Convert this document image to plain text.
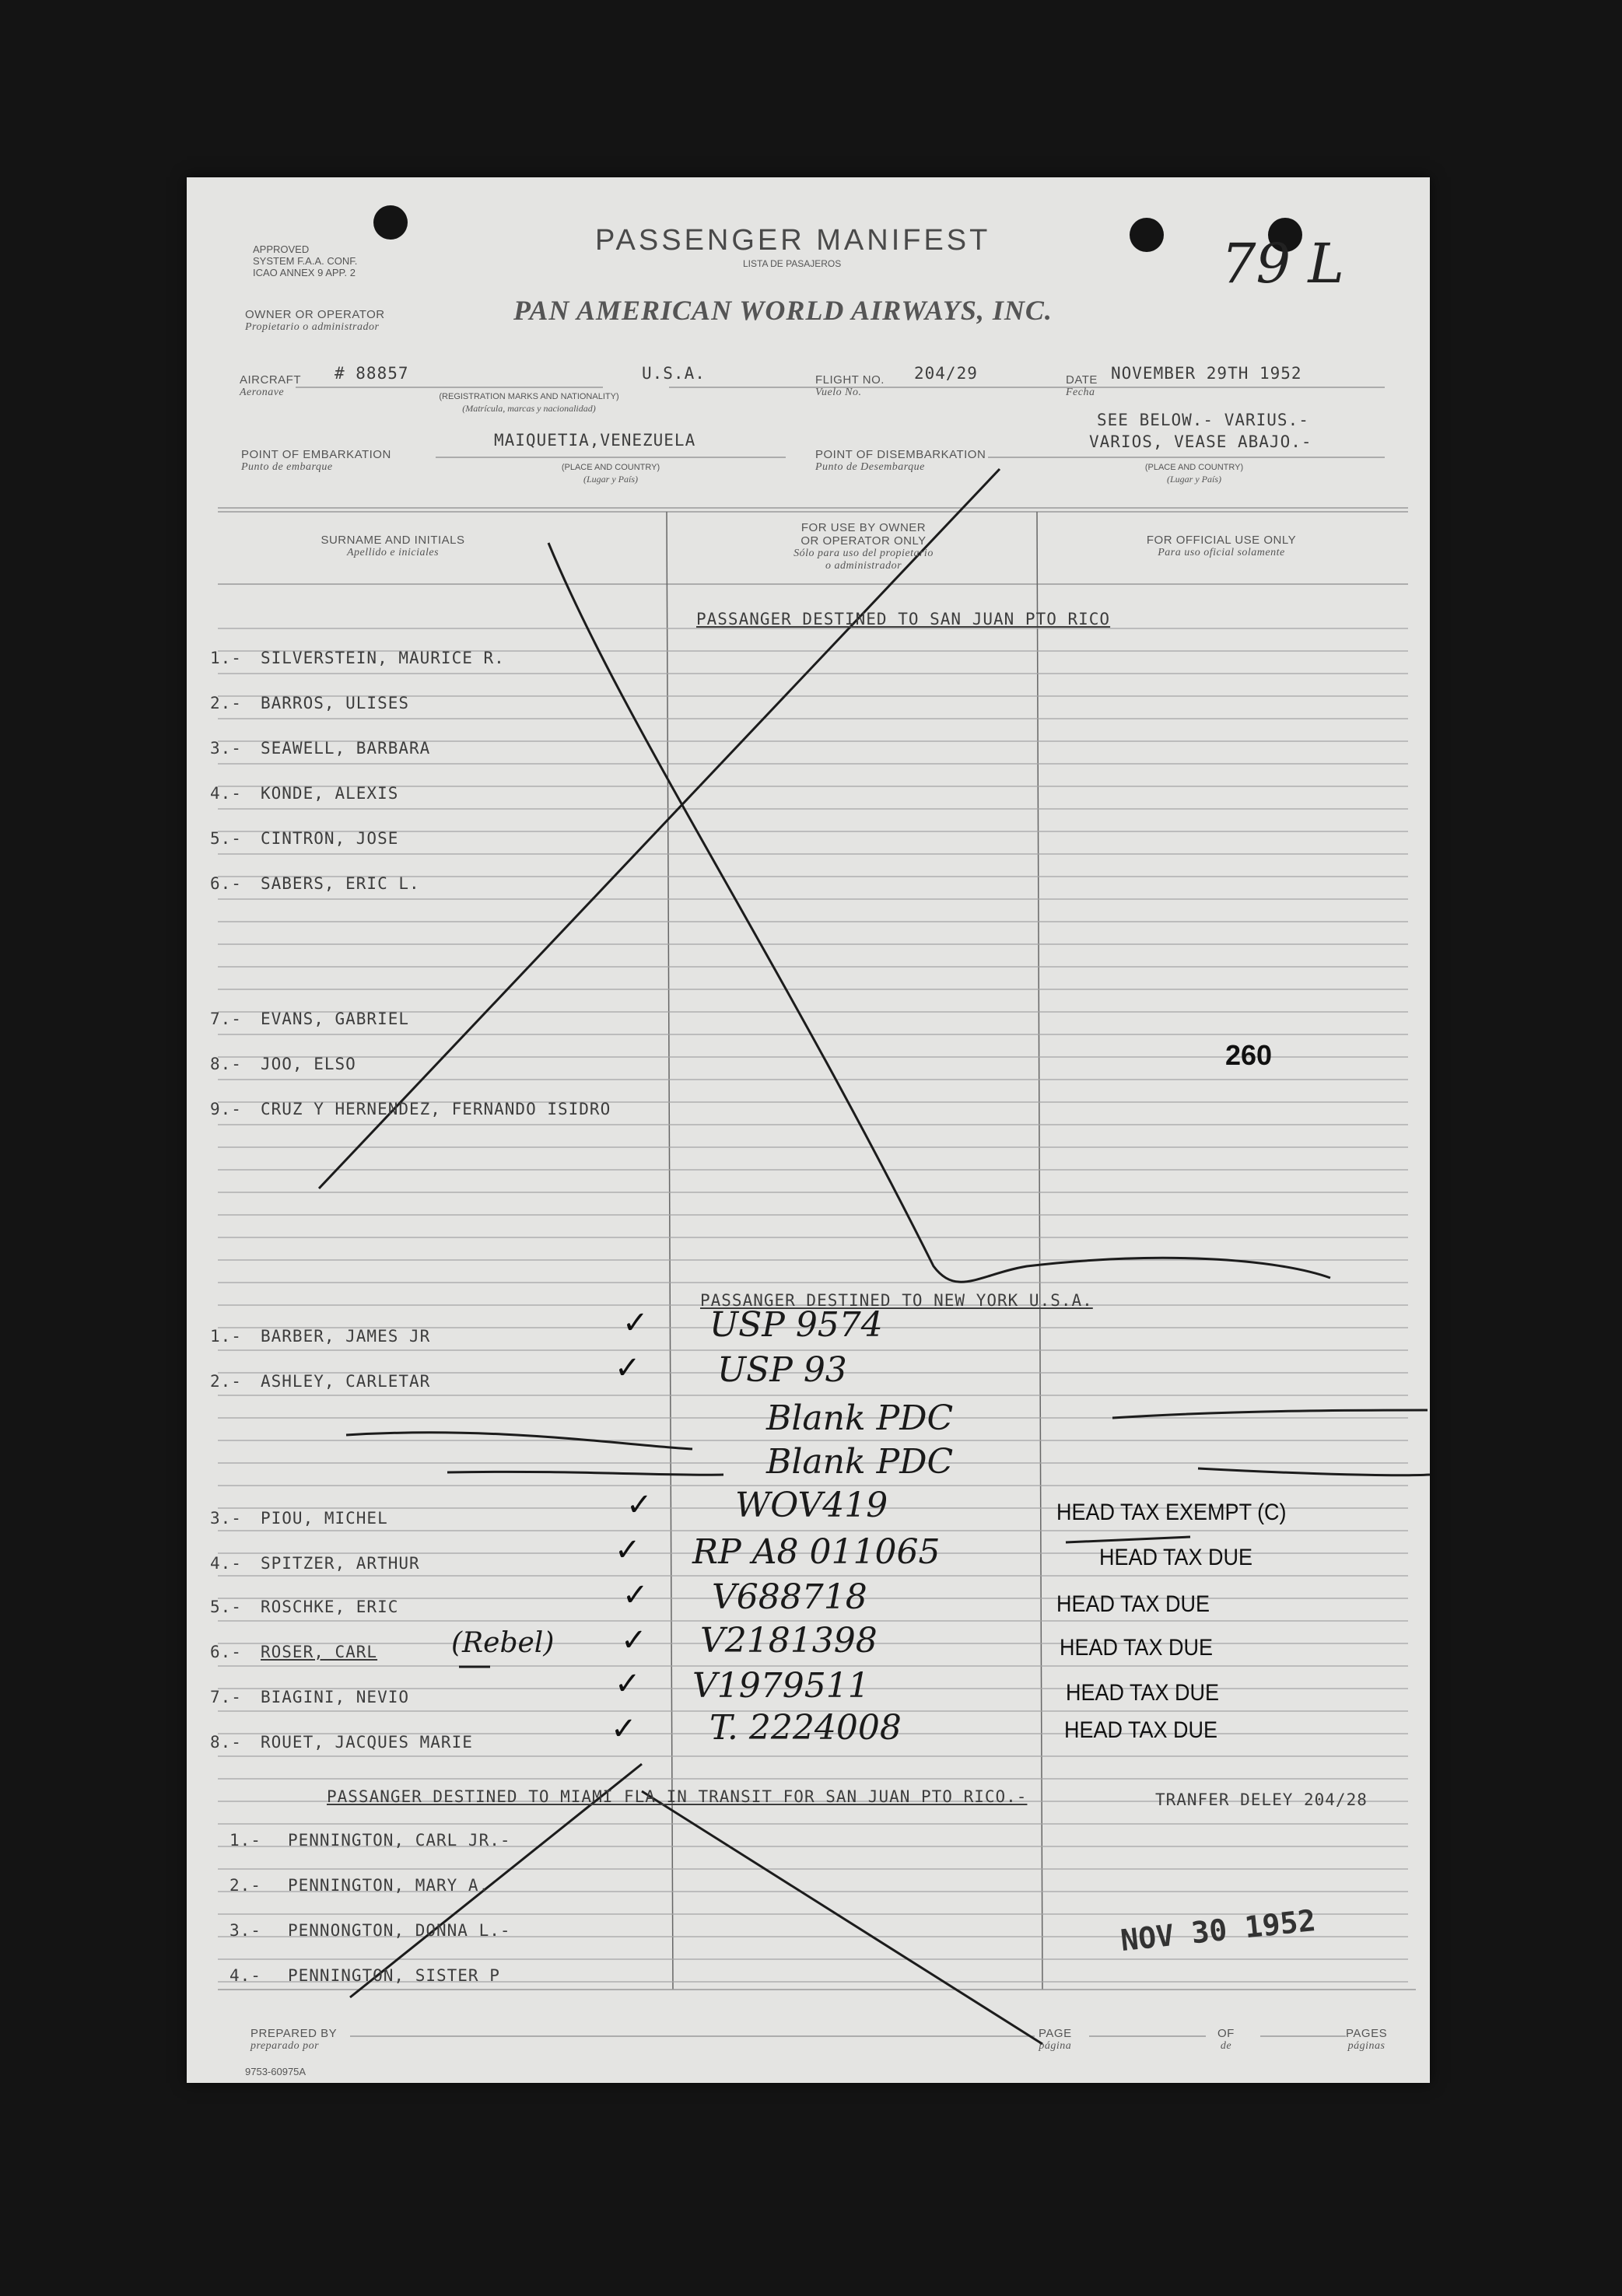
APPROVED
SYSTEM F.A.A. CONF.
ICAO ANNEX 9 APP. 2
PASSENGER MANIFEST
LISTA DE PASAJEROS
PAN AMERICAN WORLD AIRWAYS, INC.
79 L
OWNER OR OPERATOR
Propietario o administrador
AIRCRAFT
Aeronave
# 88857	U.S.A.
(REGISTRATION MARKS AND NATIONALITY)
(Matrícula, marcas y nacionalidad)
FLIGHT NO.
Vuelo No.
204/29	DATE
Fecha
NOVEMBER 29TH 1952
MAIQUETIA,VENEZUELA
POINT OF EMBARKATION
Punto de embarque	(PLACE AND COUNTRY)
(Lugar y País)
POINT OF DISEMBARKATION
Punto de Desembarque
SEE BELOW.- VARIUS.-
VARIOS, VEASE ABAJO.-
(PLACE AND COUNTRY)
(Lugar y País)
SURNAME AND INITIALS
Apellido e iniciales
FOR USE BY OWNER
OR OPERATOR ONLY
Sólo para uso del propietario
o administrador
FOR OFFICIAL USE ONLY
Para uso oficial solamente
PASSANGER DESTINED TO SAN JUAN PTO RICO
1.- SILVERSTEIN, MAURICE R.
2.- BARROS, ULISES
3.- SEAWELL, BARBARA
4.- KONDE, ALEXIS
5.- CINTRON, JOSE
6.- SABERS, ERIC L.
7.- EVANS, GABRIEL
8.- JOO, ELSO
9.- CRUZ Y HERNENDEZ, FERNANDO ISIDRO
260
PASSANGER DESTINED TO NEW YORK U.S.A.
1.- BARBER, JAMES JR	✓ USP 9574
2.- ASHLEY, CARLETAR	✓ USP 93
Blank PDC
Blank PDC
3.- PIOU, MICHEL	✓ WOV419	HEAD TAX EXEMPT (C)
4.- SPITZER, ARTHUR	✓ RP A8 011065	HEAD TAX DUE
5.- ROSCHKE, ERIC	✓ V688718	HEAD TAX DUE
6.- ROSER, CARL	(Rebel) ✓ V2181398	HEAD TAX DUE
7.- BIAGINI, NEVIO	✓ V1979511	HEAD TAX DUE
8.- ROUET, JACQUES MARIE	✓ T. 2224008	HEAD TAX DUE
PASSANGER DESTINED TO MIAMI FLA IN TRANSIT FOR SAN JUAN PTO RICO.-	TRANFER DELEY 204/28
1.- PENNINGTON, CARL JR.-
2.- PENNINGTON, MARY A.
3.- PENNONGTON, DONNA L.-
4.- PENNINGTON, SISTER P
NOV 30 1952
PREPARED BY
preparado por
PAGE
página
OF
de
PAGES
páginas
9753-60975A
